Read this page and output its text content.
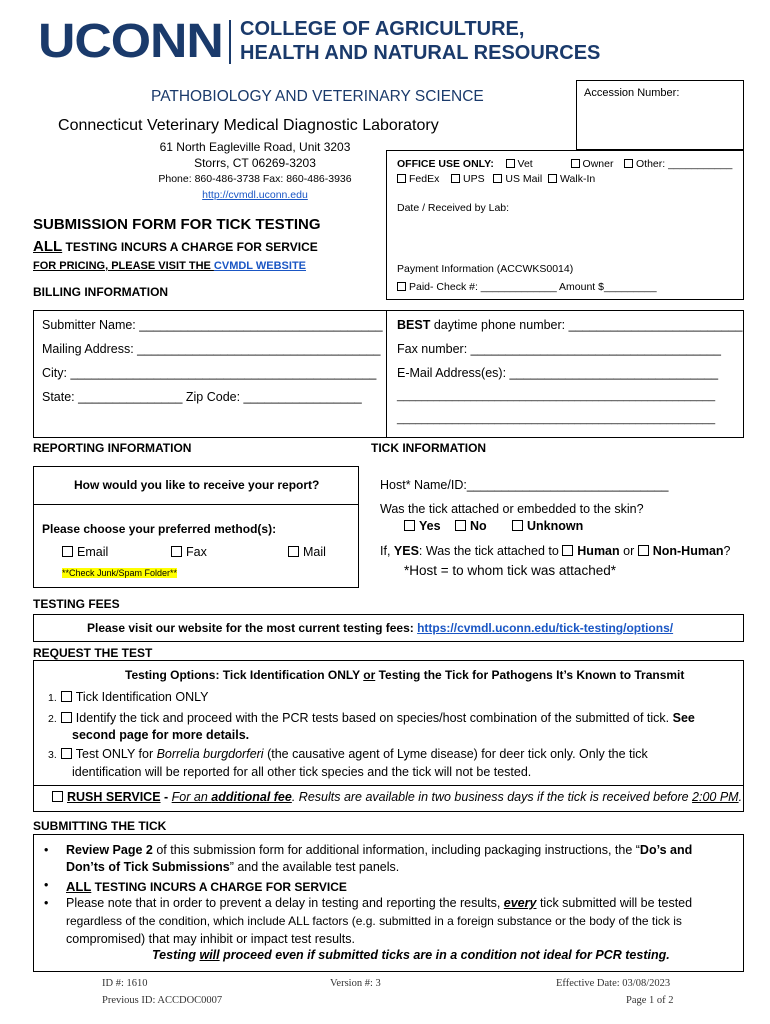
UCONN COLLEGE OF AGRICULTURE,
HEALTH AND NATURAL RESOURCES
PATHOBIOLOGY AND VETERINARY SCIENCE
Connecticut Veterinary Medical Diagnostic Laboratory
61 North Eagleville Road, Unit 3203
Storrs, CT 06269-3203
Phone: 860-486-3738 Fax: 860-486-3936
http://cvmdl.uconn.edu
Accession Number:
OFFICE USE ONLY: Vet	Owner	Other: ___________
FedEx UPS US Mail Walk-In
Date / Received by Lab:
Payment Information (ACCWKS0014)
Paid- Check #: _____________ Amount $_________
SUBMISSION FORM FOR TICK TESTING
ALL TESTING INCURS A CHARGE FOR SERVICE
FOR PRICING, PLEASE VISIT THE CVMDL WEBSITE
BILLING INFORMATION
Submitter Name: ___________________________________
Mailing Address: ___________________________________
City: ____________________________________________
State: _______________ Zip Code: _________________
BEST daytime phone number: _________________________
Fax number: ____________________________________
E-Mail Address(es): ______________________________
____________________________________________________
____________________________________________________
REPORTING INFORMATION	TICK INFORMATION
How would you like to receive your report?
Please choose your preferred method(s):
Email	Fax	Mail
**Check Junk/Spam Folder**
Host* Name/ID:_____________________________
Was the tick attached or embedded to the skin?
Yes	No	Unknown
If, YES: Was the tick attached to Human or Non-Human?
*Host = to whom tick was attached*
TESTING FEES
Please visit our website for the most current testing fees: https://cvmdl.uconn.edu/tick-testing/options/
REQUEST THE TEST
Testing Options: Tick Identification ONLY or Testing the Tick for Pathogens It’s Known to Transmit
1. Tick Identification ONLY
2. Identify the tick and proceed with the PCR tests based on species/host combination of the submitted of tick. See
second page for more details.
3. Test ONLY for Borrelia burgdorferi (the causative agent of Lyme disease) for deer tick only. Only the tick
identification will be reported for all other tick species and the tick will not be tested.
RUSH SERVICE - For an additional fee. Results are available in two business days if the tick is received before 2:00 PM.
SUBMITTING THE TICK
• Review Page 2 of this submission form for additional information, including packaging instructions, the “Do’s and
Don’ts of Tick Submissions” and the available test panels.
• ALL TESTING INCURS A CHARGE FOR SERVICE
• Please note that in order to prevent a delay in testing and reporting the results, every tick submitted will be tested
regardless of the condition, which include ALL factors (e.g. submitted in a foreign substance or the body of the tick is
compromised) that may inhibit or impact test results.
Testing will proceed even if submitted ticks are in a condition not ideal for PCR testing.
ID #: 1610
Previous ID: ACCDOC0007
Version #: 3	Effective Date: 03/08/2023
Page 1 of 2
